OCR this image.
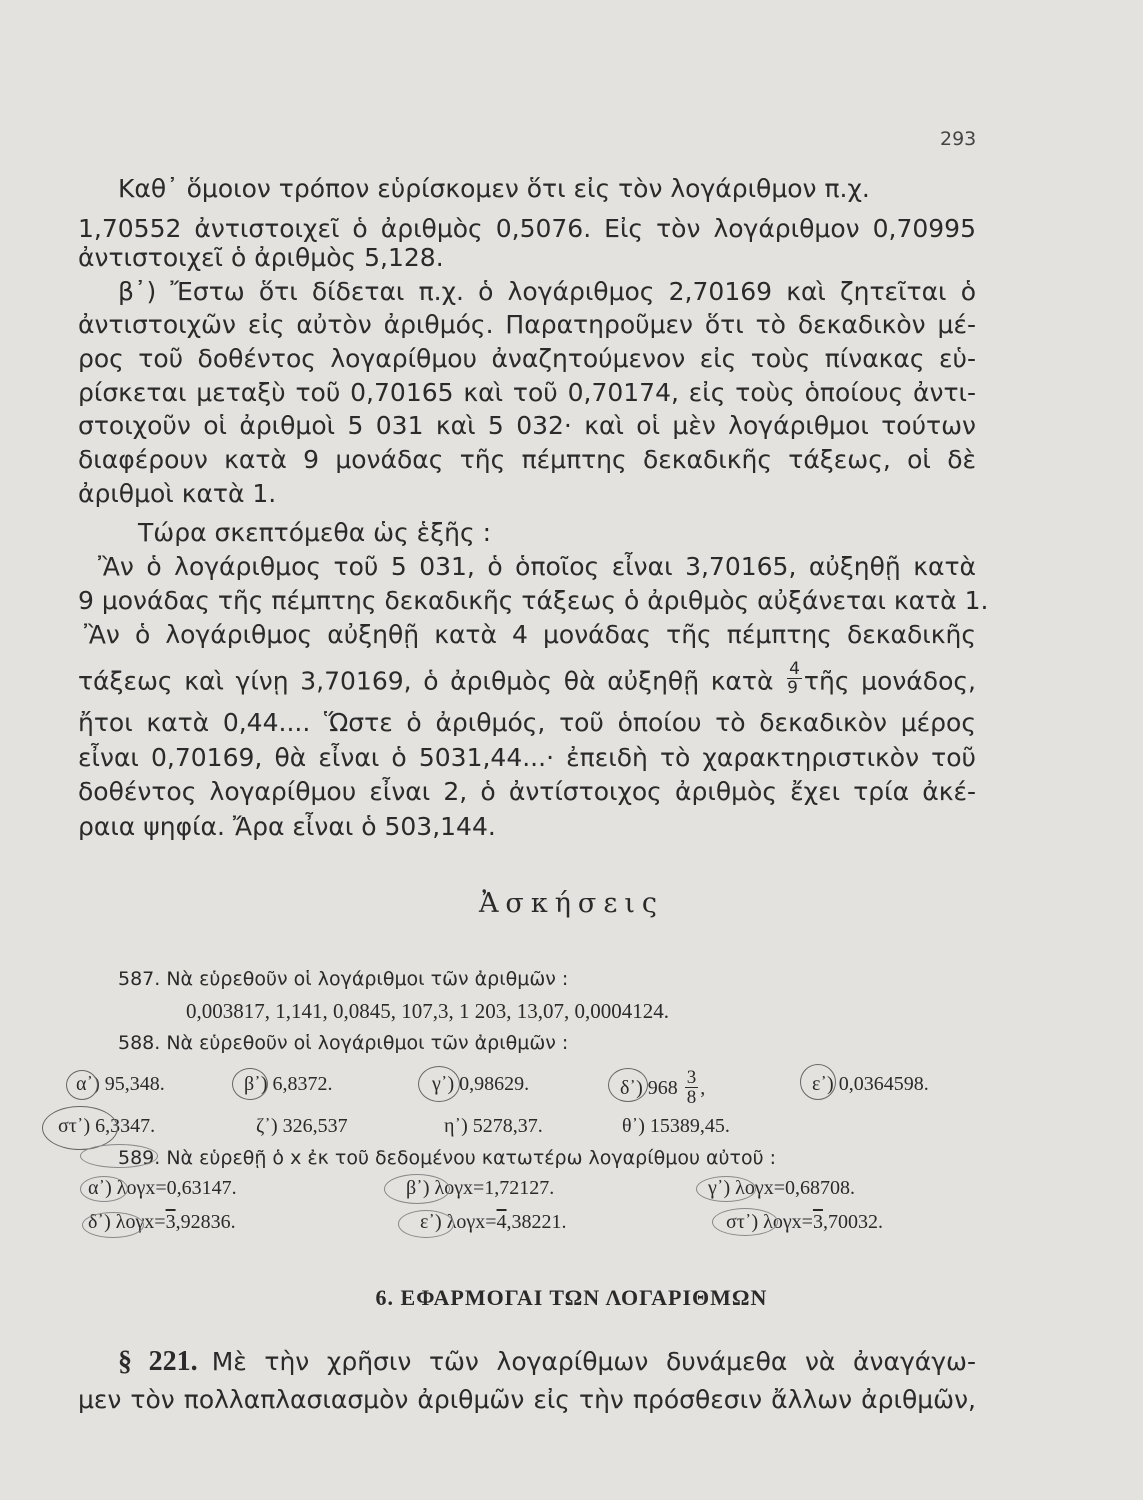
293
Καθ᾽ ὅμοιον τρόπον εὑρίσκομεν ὅτι εἰς τὸν λογάριθμον π.χ.
1,70552 ἀντιστοιχεῖ ὁ ἀριθμὸς 0,5076. Εἰς τὸν λογάριθμον 0,70995
ἀντιστοιχεῖ ὁ ἀριθμὸς 5,128.
β᾽) Ἔστω ὅτι δίδεται π.χ. ὁ λογάριθμος 2,70169 καὶ ζητεῖται ὁ
ἀντιστοιχῶν εἰς αὐτὸν ἀριθμός. Παρατηροῦμεν ὅτι τὸ δεκαδικὸν μέ-
ρος τοῦ δοθέντος λογαρίθμου ἀναζητούμενον εἰς τοὺς πίνακας εὑ-
ρίσκεται μεταξὺ τοῦ 0,70165 καὶ τοῦ 0,70174, εἰς τοὺς ὁποίους ἀντι-
στοιχοῦν οἱ ἀριθμοὶ 5 031 καὶ 5 032· καὶ οἱ μὲν λογάριθμοι τούτων
διαφέρουν κατὰ 9 μονάδας τῆς πέμπτης δεκαδικῆς τάξεως, οἱ δὲ
ἀριθμοὶ κατὰ 1.
Τώρα σκεπτόμεθα ὡς ἑξῆς :
Ἂν ὁ λογάριθμος τοῦ 5 031, ὁ ὁποῖος εἶναι 3,70165, αὐξηθῇ κατὰ
9 μονάδας τῆς πέμπτης δεκαδικῆς τάξεως ὁ ἀριθμὸς αὐξάνεται κατὰ 1.
Ἂν ὁ λογάριθμος αὐξηθῇ κατὰ 4 μονάδας τῆς πέμπτης δεκαδικῆς
τάξεως καὶ γίνῃ 3,70169, ὁ ἀριθμὸς θὰ αὐξηθῇ κατὰ $\frac{4}{9}$ τῆς μονάδος,
ἤτοι κατὰ 0,44.... Ὥστε ὁ ἀριθμός, τοῦ ὁποίου τὸ δεκαδικὸν μέρος
εἶναι 0,70169, θὰ εἶναι ὁ 5031,44...· ἐπειδὴ τὸ χαρακτηριστικὸν τοῦ
δοθέντος λογαρίθμου εἶναι 2, ὁ ἀντίστοιχος ἀριθμὸς ἔχει τρία ἀκέ-
ραια ψηφία. Ἄρα εἶναι ὁ 503,144.
Ἀσκήσεις
587. Νὰ εὑρεθοῦν οἱ λογάριθμοι τῶν ἀριθμῶν :
0,003817, 1,141, 0,0845, 107,3, 1 203, 13,07, 0,0004124.
588. Νὰ εὑρεθοῦν οἱ λογάριθμοι τῶν ἀριθμῶν :
α᾽) 95,348.	β᾽) 6,8372.	γ᾽) 0,98629.	δ᾽) $968 \frac{3}{8}$ ,	ε᾽) 0,0364598.
στ᾽) 6,3347.	ζ᾽) 326,537	η᾽) 5278,37.	θ᾽) 15389,45.
589. Νὰ εὑρεθῇ ὁ x ἐκ τοῦ δεδομένου κατωτέρω λογαρίθμου αὐτοῦ :
α᾽) λογx=0,63147.	β᾽) λογx=1,72127.	γ᾽) λογx=0,68708.
δ᾽) λογx=3,92836.	ε᾽) λογx=4,38221.	στ᾽) λογx=3,70032.
6. ΕΦΑΡΜΟΓΑΙ ΤΩΝ ΛΟΓΑΡΙΘΜΩΝ
§ 221. Μὲ τὴν χρῆσιν τῶν λογαρίθμων δυνάμεθα νὰ ἀναγάγω-
μεν τὸν πολλαπλασιασμὸν ἀριθμῶν εἰς τὴν πρόσθεσιν ἄλλων ἀριθμῶν,
